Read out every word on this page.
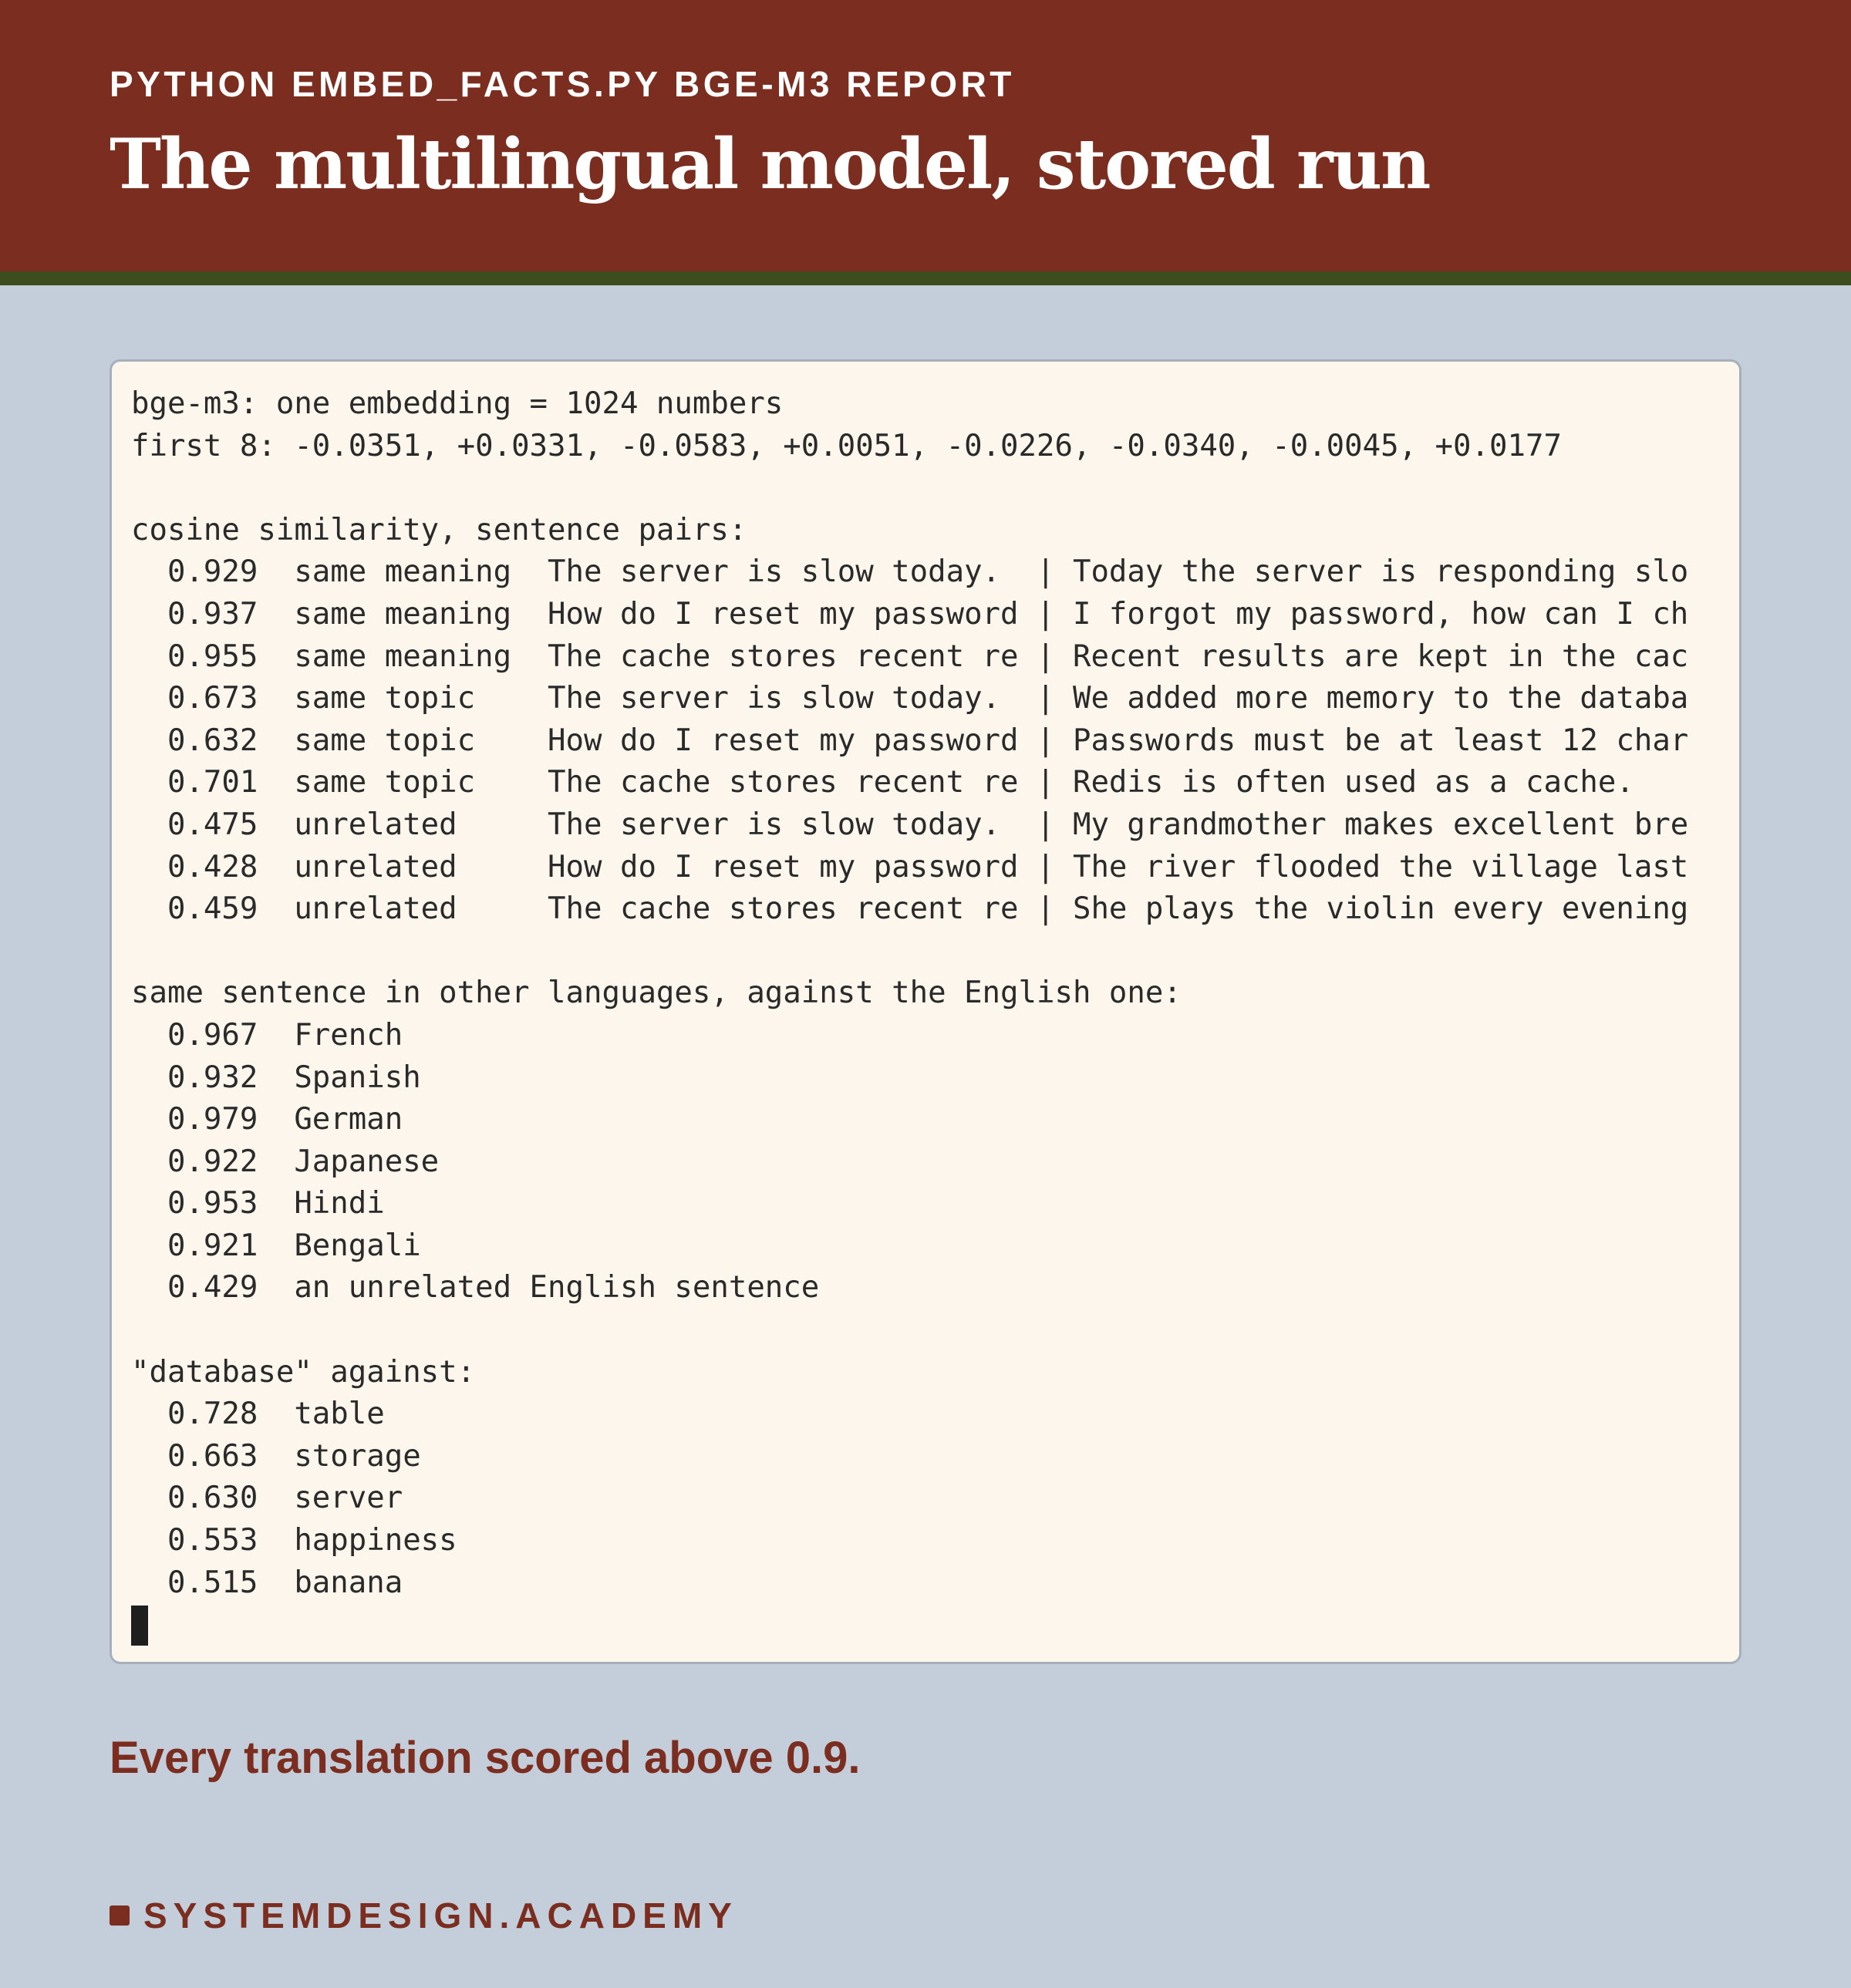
PYTHON EMBED_FACTS.PY BGE-M3 REPORT
The multilingual model, stored run
bge-m3: one embedding = 1024 numbers
first 8: -0.0351, +0.0331, -0.0583, +0.0051, -0.0226, -0.0340, -0.0045, +0.0177

cosine similarity, sentence pairs:
0.929  same meaning  The server is slow today.  | Today the server is responding slo
0.937  same meaning  How do I reset my password | I forgot my password, how can I ch
0.955  same meaning  The cache stores recent re | Recent results are kept in the cac
0.673  same topic    The server is slow today.  | We added more memory to the databa
0.632  same topic    How do I reset my password | Passwords must be at least 12 char
0.701  same topic    The cache stores recent re | Redis is often used as a cache.
0.475  unrelated     The server is slow today.  | My grandmother makes excellent bre
0.428  unrelated     How do I reset my password | The river flooded the village last
0.459  unrelated     The cache stores recent re | She plays the violin every evening

same sentence in other languages, against the English one:
0.967  French
0.932  Spanish
0.979  German
0.922  Japanese
0.953  Hindi
0.921  Bengali
0.429  an unrelated English sentence

"database" against:
0.728  table
0.663  storage
0.630  server
0.553  happiness
0.515  banana
Every translation scored above 0.9.
SYSTEMDESIGN.ACADEMY
